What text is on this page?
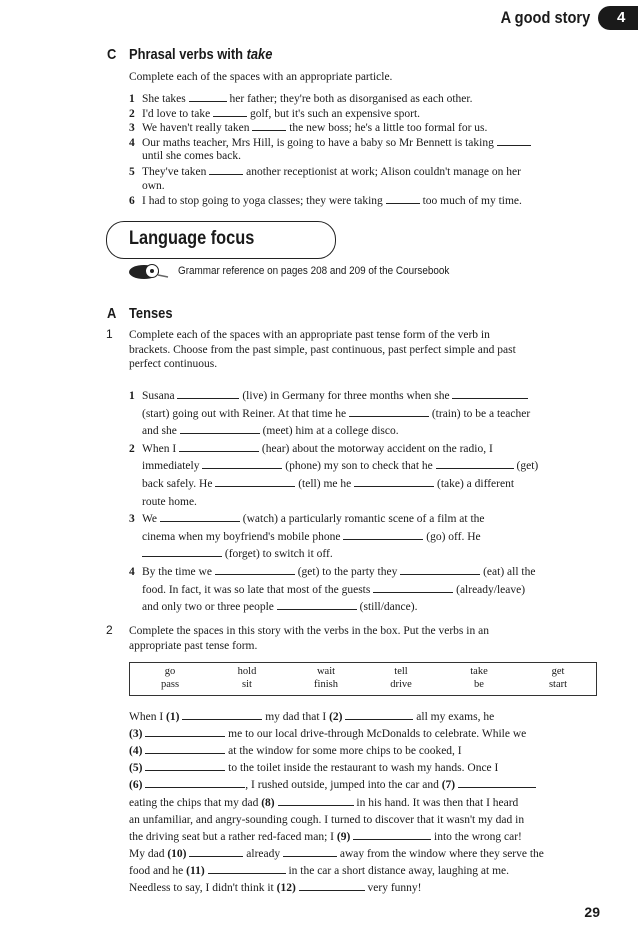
A good story 4
C Phrasal verbs with take
Complete each of the spaces with an appropriate particle.
1 She takes	her father; they're both as disorganised as each other.
2 I'd love to take	golf, but it's such an expensive sport.
3 We haven't really taken	the new boss; he's a little too formal for us.
4 Our maths teacher, Mrs Hill, is going to have a baby so Mr Bennett is taking
until she comes back.
5 They've taken	another receptionist at work; Alison couldn't manage on her
own.
6 I had to stop going to yoga classes; they were taking	too much of my time.
Language focus
Grammar reference on pages 208 and 209 of the Coursebook
A Tenses
1 Complete each of the spaces with an appropriate past tense form of the verb in
brackets. Choose from the past simple, past continuous, past perfect simple and past
perfect continuous.
1 Susana	(live) in Germany for three months when she
(start) going out with Reiner. At that time he	(train) to be a teacher
and she	(meet) him at a college disco.
2 When I	(hear) about the motorway accident on the radio, I
immediately	(phone) my son to check that he	(get)
back safely. He	(tell) me he	(take) a different
route home.
3 We	(watch) a particularly romantic scene of a film at the
cinema when my boyfriend's mobile phone	(go) off. He
(forget) to switch it off.
4 By the time we	(get) to the party they	(eat) all the
food. In fact, it was so late that most of the guests	(already/leave)
and only two or three people	(still/dance).
2 Complete the spaces in this story with the verbs in the box. Put the verbs in an
appropriate past tense form.
go	hold	wait	tell	take	get
pass	sit	finish	drive	be	start
When I (1)	my dad that I (2)	all my exams, he
(3)	me to our local drive-through McDonalds to celebrate. While we
(4)	at the window for some more chips to be cooked, I
(5)	to the toilet inside the restaurant to wash my hands. Once I
(6)	, I rushed outside, jumped into the car and (7)
eating the chips that my dad (8)	in his hand. It was then that I heard
an unfamiliar, and angry-sounding cough. I turned to discover that it wasn't my dad in
the driving seat but a rather red-faced man; I (9)	into the wrong car!
My dad (10)	already	away from the window where they serve the
food and he (11)	in the car a short distance away, laughing at me.
Needless to say, I didn't think it (12)	very funny!
29
